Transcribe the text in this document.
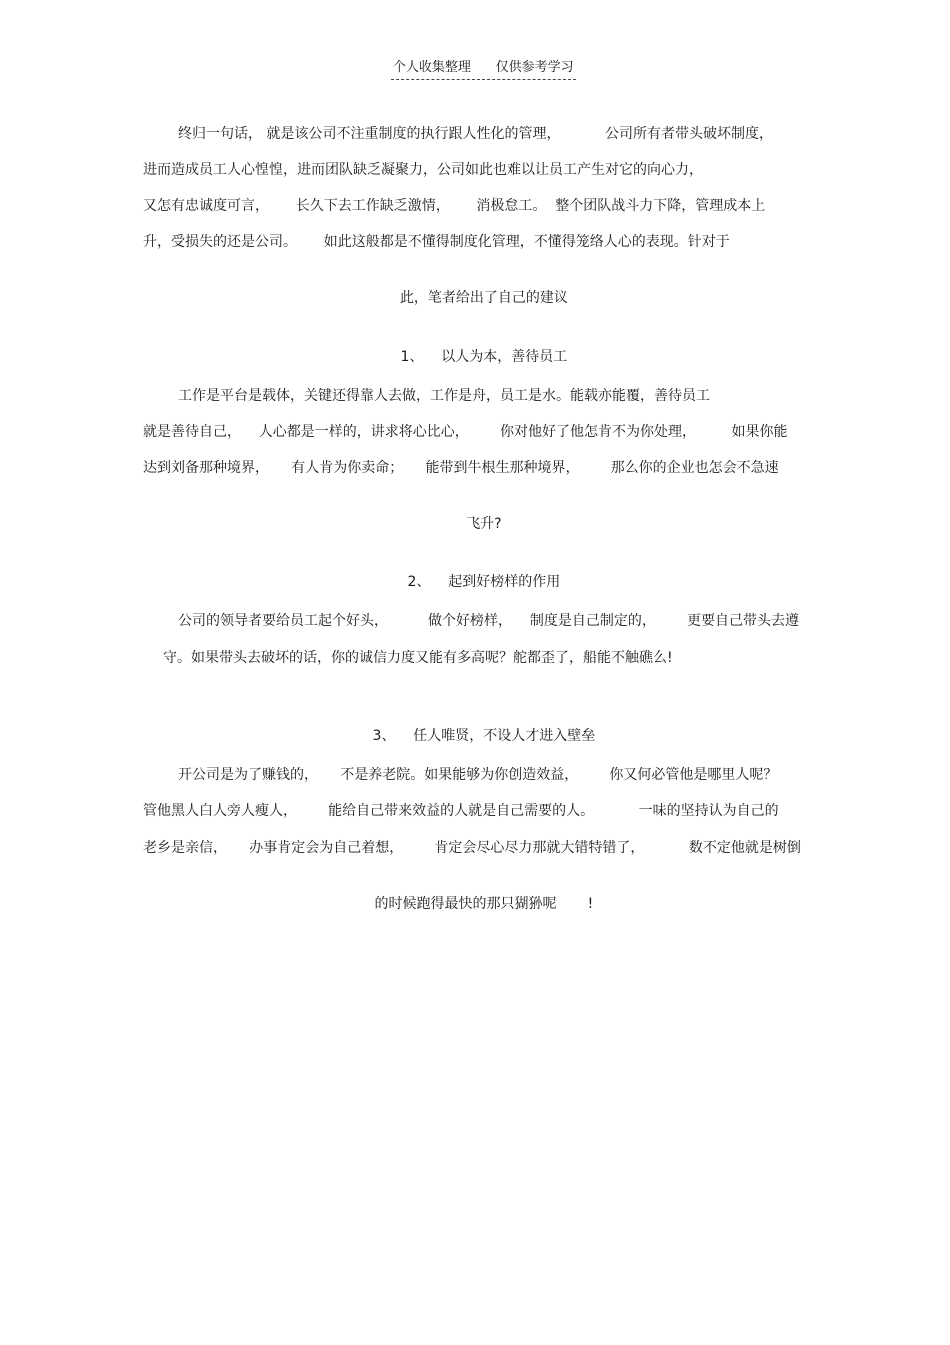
个人收集整理      仅供参考学习

终归一句话， 就是该公司不注重制度的执行跟人性化的管理，          公司所有者带头破坏制度，

进而造成员工人心惶惶，进而团队缺乏凝聚力，公司如此也难以让员工产生对它的向心力，

又怎有忠诚度可言，      长久下去工作缺乏激情，      消极怠工。  整个团队战斗力下降，管理成本上

升，受损失的还是公司。      如此这般都是不懂得制度化管理，不懂得笼络人心的表现。针对于

此，笔者给出了自己的建议

1、    以人为本，善待员工

工作是平台是载体，关键还得靠人去做，工作是舟，员工是水。能载亦能覆，善待员工

就是善待自己，    人心都是一样的，讲求将心比心，       你对他好了他怎肯不为你处理，        如果你能

达到刘备那种境界，     有人肯为你卖命；     能带到牛根生那种境界，       那么你的企业也怎会不急速

飞升?

2、    起到好榜样的作用

公司的领导者要给员工起个好头，         做个好榜样，    制度是自己制定的，       更要自己带头去遵

守。如果带头去破坏的话，你的诚信力度又能有多高呢？舵都歪了，船能不触礁么!

3、    任人唯贤，不设人才进入壁垒

开公司是为了赚钱的，     不是养老院。如果能够为你创造效益，       你又何必管他是哪里人呢？

管他黑人白人旁人瘦人，       能给自己带来效益的人就是自己需要的人。          一味的坚持认为自己的

老乡是亲信，     办事肯定会为自己着想，       肯定会尽心尽力那就大错特错了，          数不定他就是树倒

的时候跑得最快的那只猢狲呢       !
